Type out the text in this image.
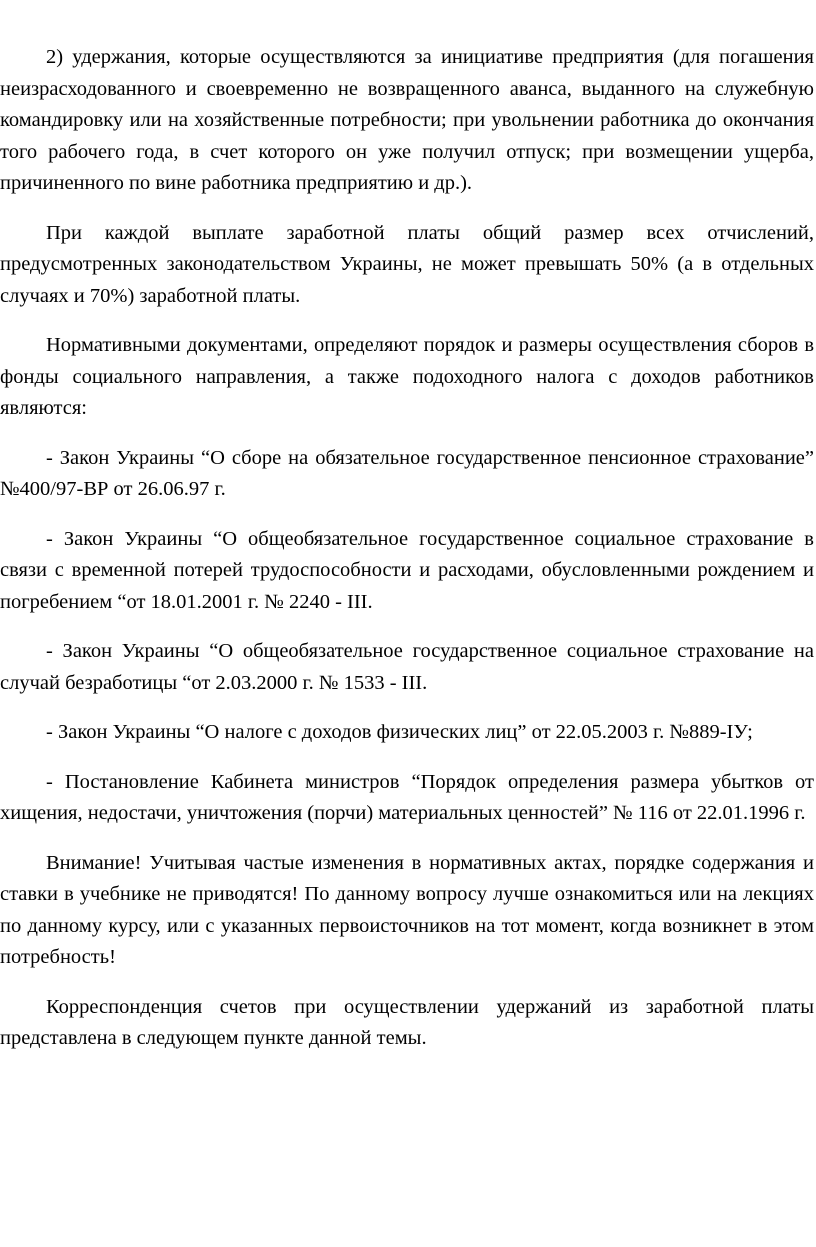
2) удержания, которые осуществляются за инициативе предприятия (для погашения неизрасходованного и своевременно не возвращенного аванса, выданного на служебную командировку или на хозяйственные потребности; при увольнении работника до окончания того рабочего года, в счет которого он уже получил отпуск; при возмещении ущерба, причиненного по вине работника предприятию и др.).

При каждой выплате заработной платы общий размер всех отчислений, предусмотренных законодательством Украины, не может превышать 50% (а в отдельных случаях и 70%) заработной платы.

Нормативными документами, определяют порядок и размеры осуществления сборов в фонды социального направления, а также подоходного налога с доходов работников являются:

- Закон Украины “О сборе на обязательное государственное пенсионное страхование” №400/97-ВР от 26.06.97 г.

- Закон Украины “О общеобязательное государственное социальное страхование в связи с временной потерей трудоспособности и расходами, обусловленными рождением и погребением “от 18.01.2001 г. № 2240 - III.

- Закон Украины “О общеобязательное государственное социальное страхование на случай безработицы “от 2.03.2000 г. № 1533 - III.

- Закон Украины “О налоге с доходов физических лиц” от 22.05.2003 г. №889-IУ;

- Постановление Кабинета министров “Порядок определения размера убытков от хищения, недостачи, уничтожения (порчи) материальных ценностей” № 116 от 22.01.1996 г.

Внимание! Учитывая частые изменения в нормативных актах, порядке содержания и ставки в учебнике не приводятся! По данному вопросу лучше ознакомиться или на лекциях по данному курсу, или с указанных первоисточников на тот момент, когда возникнет в этом потребность!

Корреспонденция счетов при осуществлении удержаний из заработной платы представлена в следующем пункте данной темы.
